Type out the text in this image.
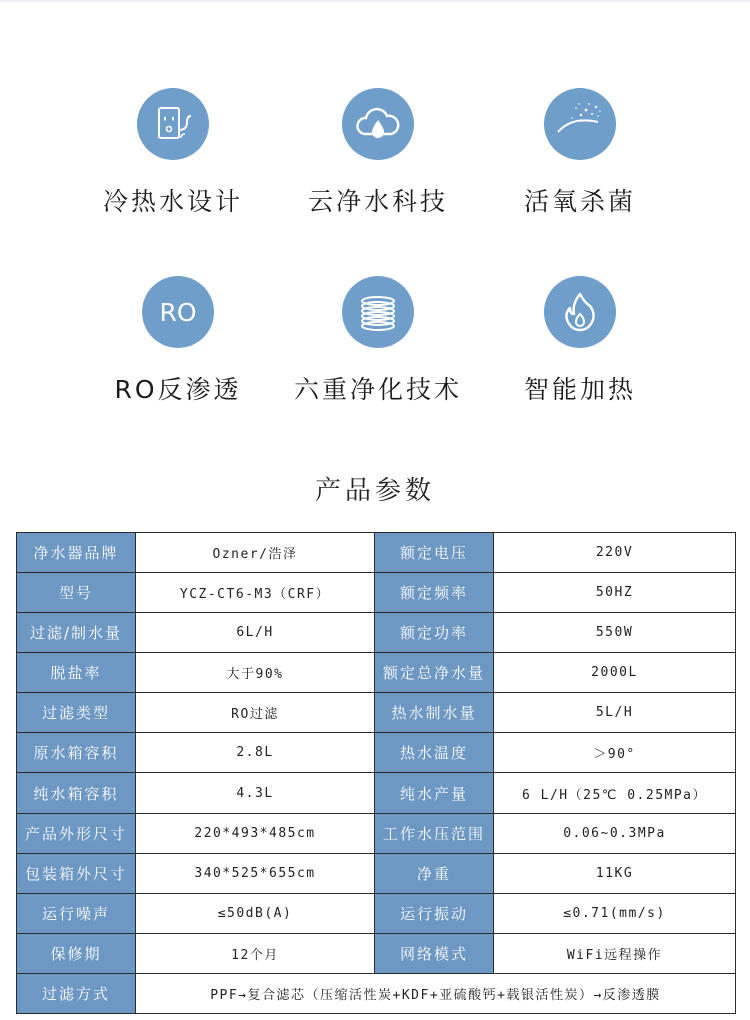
冷热水设计	云净水科技	活氧杀菌
RO
RO反渗透	六重净化技术	智能加热
产品参数
净水器品牌	Ozner/浩泽	额定电压	220V
型号	YCZ-CT6-M3（CRF）	额定频率	50HZ
过滤/制水量	6L/H	额定功率	550W
脱盐率	大于90%	额定总净水量	2000L
过滤类型	RO过滤	热水制水量	5L/H
原水箱容积	2.8L	热水温度	＞90°
纯水箱容积	4.3L	纯水产量	6 L/H（25℃ 0.25MPa）
产品外形尺寸	220*493*485cm	工作水压范围	0.06~0.3MPa
包装箱外尺寸	340*525*655cm	净重	11KG
运行噪声	≤50dB(A)	运行振动	≤0.71(mm/s)
保修期	12个月	网络模式	WiFi远程操作
过滤方式	PPF→复合滤芯（压缩活性炭+KDF+亚硫酸钙+载银活性炭）→反渗透膜		
